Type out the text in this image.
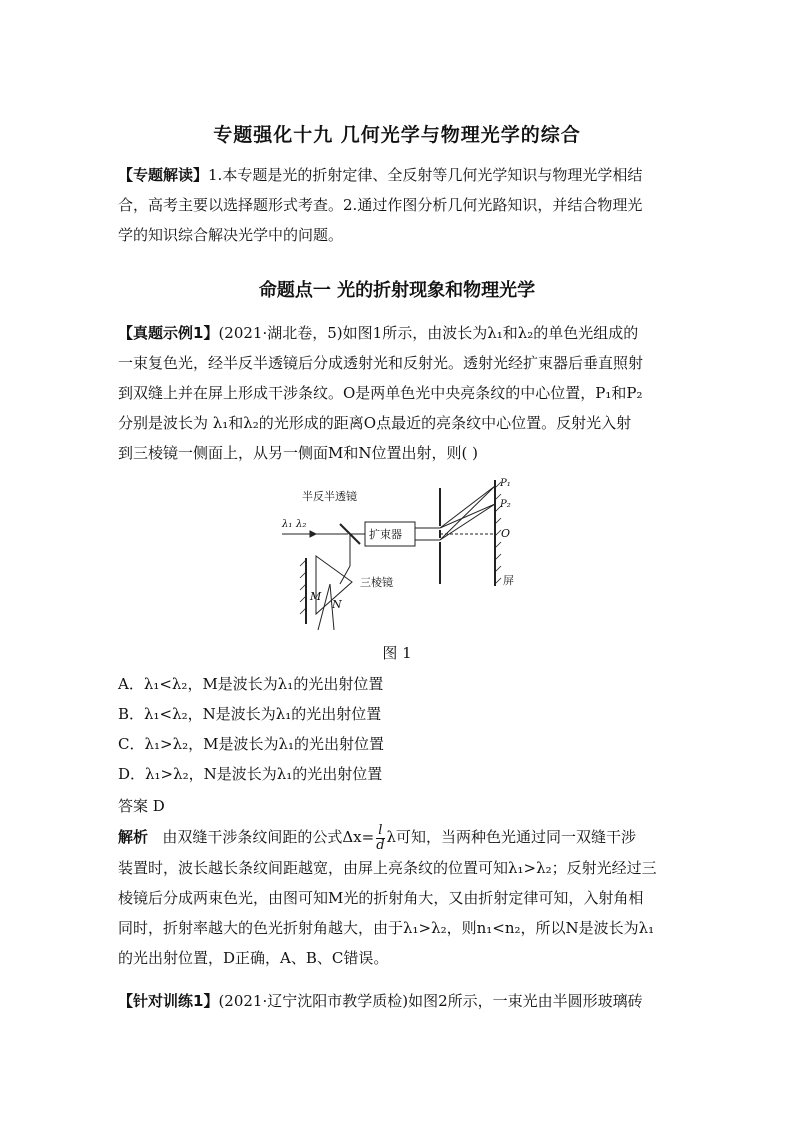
专题强化十九 几何光学与物理光学的综合
【专题解读】1.本专题是光的折射定律、全反射等几何光学知识与物理光学相结
合，高考主要以选择题形式考查。2.通过作图分析几何光路知识，并结合物理光
学的知识综合解决光学中的问题。
命题点一 光的折射现象和物理光学
【真题示例1】(2021·湖北卷，5)如图1所示，由波长为λ₁和λ₂的单色光组成的
一束复色光，经半反半透镜后分成透射光和反射光。透射光经扩束器后垂直照射
到双缝上并在屏上形成干涉条纹。O是两单色光中央亮条纹的中心位置，P₁和P₂
分别是波长为 λ₁和λ₂的光形成的距离O点最近的亮条纹中心位置。反射光入射
到三棱镜一侧面上，从另一侧面M和N位置出射，则( )
半反半透镜
λ₁ λ₂
扩束器
三棱镜	屏
P₁
P₂
O
M
N
图 1
A．λ₁<λ₂，M是波长为λ₁的光出射位置
B．λ₁<λ₂，N是波长为λ₁的光出射位置
C．λ₁>λ₂，M是波长为λ₁的光出射位置
D．λ₁>λ₂，N是波长为λ₁的光出射位置
答案 D
解析 由双缝干涉条纹间距的公式$\Delta x= \frac{l}{d}$ λ可知，当两种色光通过同一双缝干涉
装置时，波长越长条纹间距越宽，由屏上亮条纹的位置可知λ₁>λ₂；反射光经过三
棱镜后分成两束色光，由图可知M光的折射角大，又由折射定律可知，入射角相
同时，折射率越大的色光折射角越大，由于λ₁>λ₂，则n₁<n₂，所以N是波长为λ₁
的光出射位置，D正确，A、B、C错误。
【针对训练1】(2021·辽宁沈阳市教学质检)如图2所示，一束光由半圆形玻璃砖
